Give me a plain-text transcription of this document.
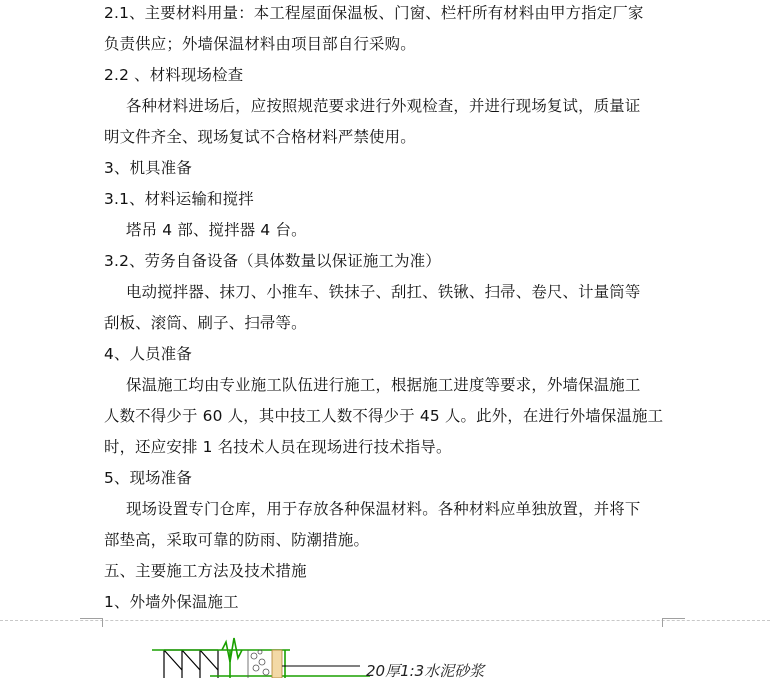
2.1、主要材料用量：本工程屋面保温板、门窗、栏杆所有材料由甲方指定厂家
负责供应；外墙保温材料由项目部自行采购。
2.2 、材料现场检查
各种材料进场后，应按照规范要求进行外观检查，并进行现场复试，质量证
明文件齐全、现场复试不合格材料严禁使用。
3、机具准备
3.1、材料运输和搅拌
塔吊 4 部、搅拌器 4 台。
3.2、劳务自备设备（具体数量以保证施工为准）
电动搅拌器、抹刀、小推车、铁抹子、刮扛、铁锹、扫帚、卷尺、计量筒等
刮板、滚筒、刷子、扫帚等。
4、人员准备
保温施工均由专业施工队伍进行施工，根据施工进度等要求，外墙保温施工
人数不得少于 60 人，其中技工人数不得少于 45 人。此外，在进行外墙保温施工
时，还应安排 1 名技术人员在现场进行技术指导。
5、现场准备
现场设置专门仓库，用于存放各种保温材料。各种材料应单独放置，并将下
部垫高，采取可靠的防雨、防潮措施。
五、主要施工方法及技术措施
1、外墙外保温施工
20厚1:3水泥砂浆
